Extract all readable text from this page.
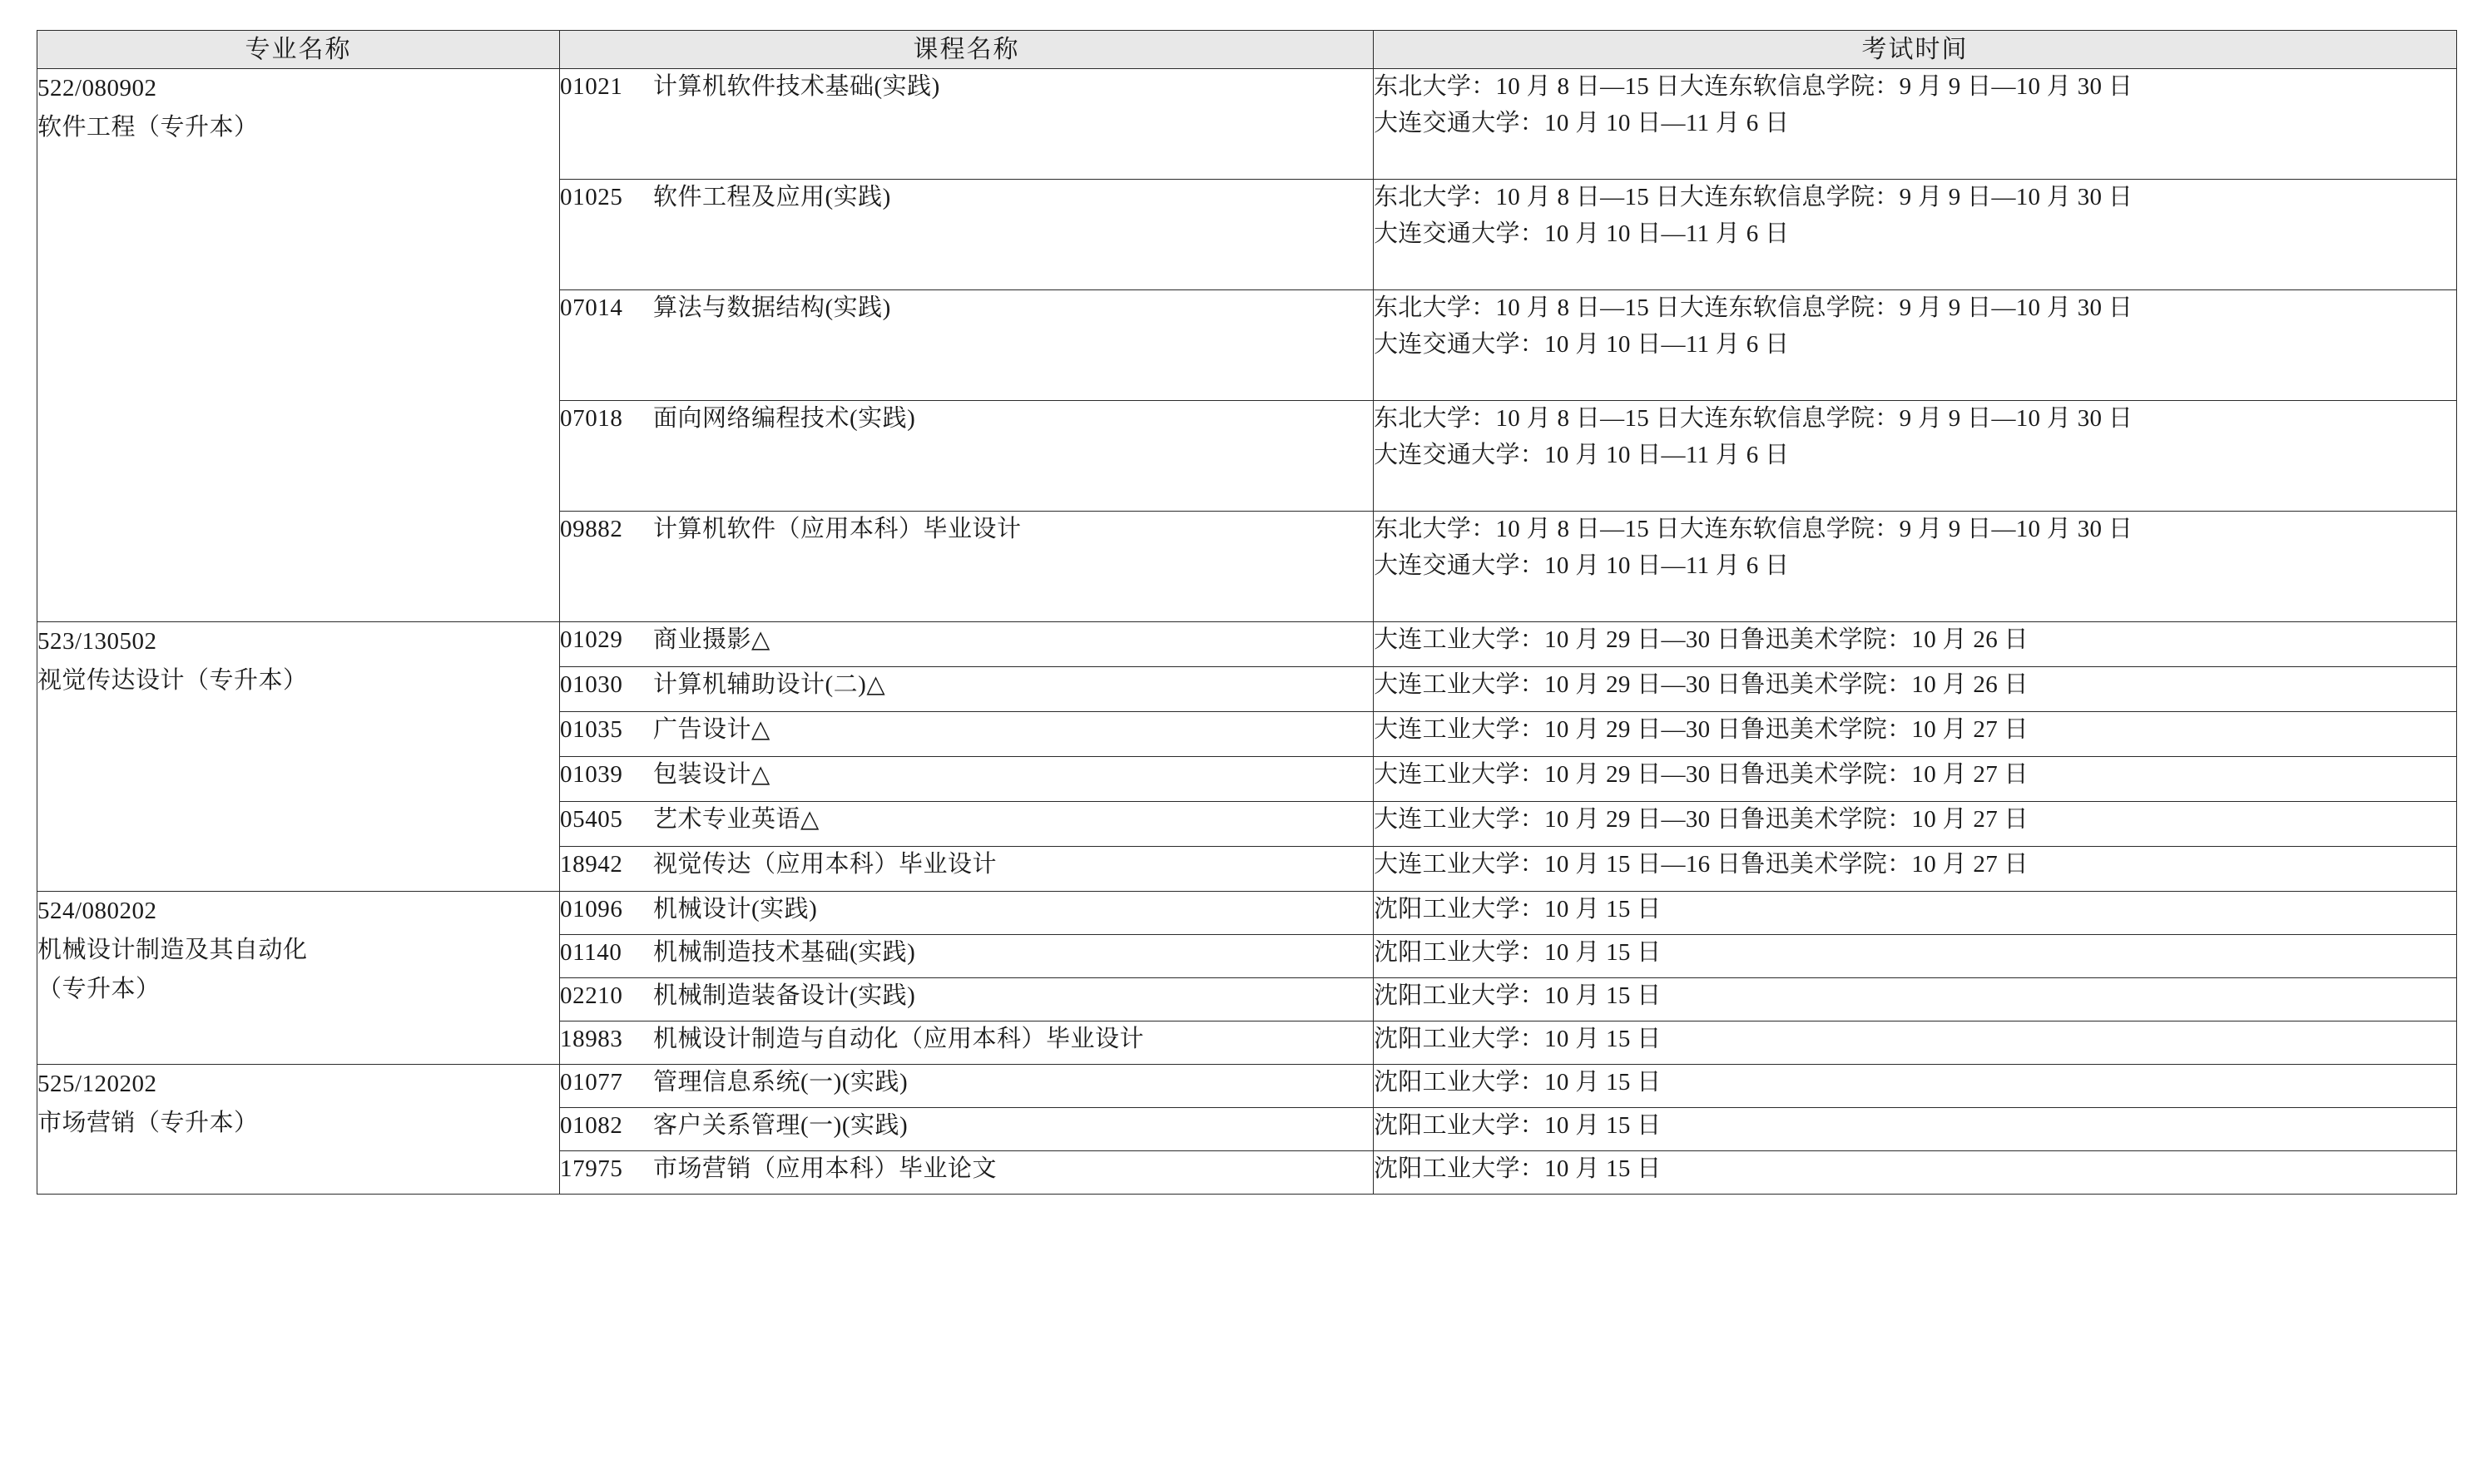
专业名称	课程名称	考试时间
522/080902
软件工程（专升本）	01021 计算机软件技术基础(实践)	东北大学：10 月 8 日—15 日大连东软信息学院：9 月 9 日—10 月 30 日
大连交通大学：10 月 10 日—11 月 6 日

	01025 软件工程及应用(实践)	东北大学：10 月 8 日—15 日大连东软信息学院：9 月 9 日—10 月 30 日
大连交通大学：10 月 10 日—11 月 6 日

	07014 算法与数据结构(实践)	东北大学：10 月 8 日—15 日大连东软信息学院：9 月 9 日—10 月 30 日
大连交通大学：10 月 10 日—11 月 6 日

	07018 面向网络编程技术(实践)	东北大学：10 月 8 日—15 日大连东软信息学院：9 月 9 日—10 月 30 日
大连交通大学：10 月 10 日—11 月 6 日

	09882 计算机软件（应用本科）毕业设计	东北大学：10 月 8 日—15 日大连东软信息学院：9 月 9 日—10 月 30 日
大连交通大学：10 月 10 日—11 月 6 日

523/130502
视觉传达设计（专升本）	01029 商业摄影△	大连工业大学：10 月 29 日—30 日鲁迅美术学院：10 月 26 日

	01030 计算机辅助设计(二)△	大连工业大学：10 月 29 日—30 日鲁迅美术学院：10 月 26 日

	01035 广告设计△	大连工业大学：10 月 29 日—30 日鲁迅美术学院：10 月 27 日

	01039 包装设计△	大连工业大学：10 月 29 日—30 日鲁迅美术学院：10 月 27 日

	05405 艺术专业英语△	大连工业大学：10 月 29 日—30 日鲁迅美术学院：10 月 27 日

	18942 视觉传达（应用本科）毕业设计	大连工业大学：10 月 15 日—16 日鲁迅美术学院：10 月 27 日

524/080202
机械设计制造及其自动化
（专升本）	01096 机械设计(实践)	沈阳工业大学：10 月 15 日

	01140 机械制造技术基础(实践)	沈阳工业大学：10 月 15 日

	02210 机械制造装备设计(实践)	沈阳工业大学：10 月 15 日

	18983 机械设计制造与自动化（应用本科）毕业设计	沈阳工业大学：10 月 15 日

525/120202
市场营销（专升本）	01077 管理信息系统(一)(实践)	沈阳工业大学：10 月 15 日

	01082 客户关系管理(一)(实践)	沈阳工业大学：10 月 15 日

	17975 市场营销（应用本科）毕业论文	沈阳工业大学：10 月 15 日
